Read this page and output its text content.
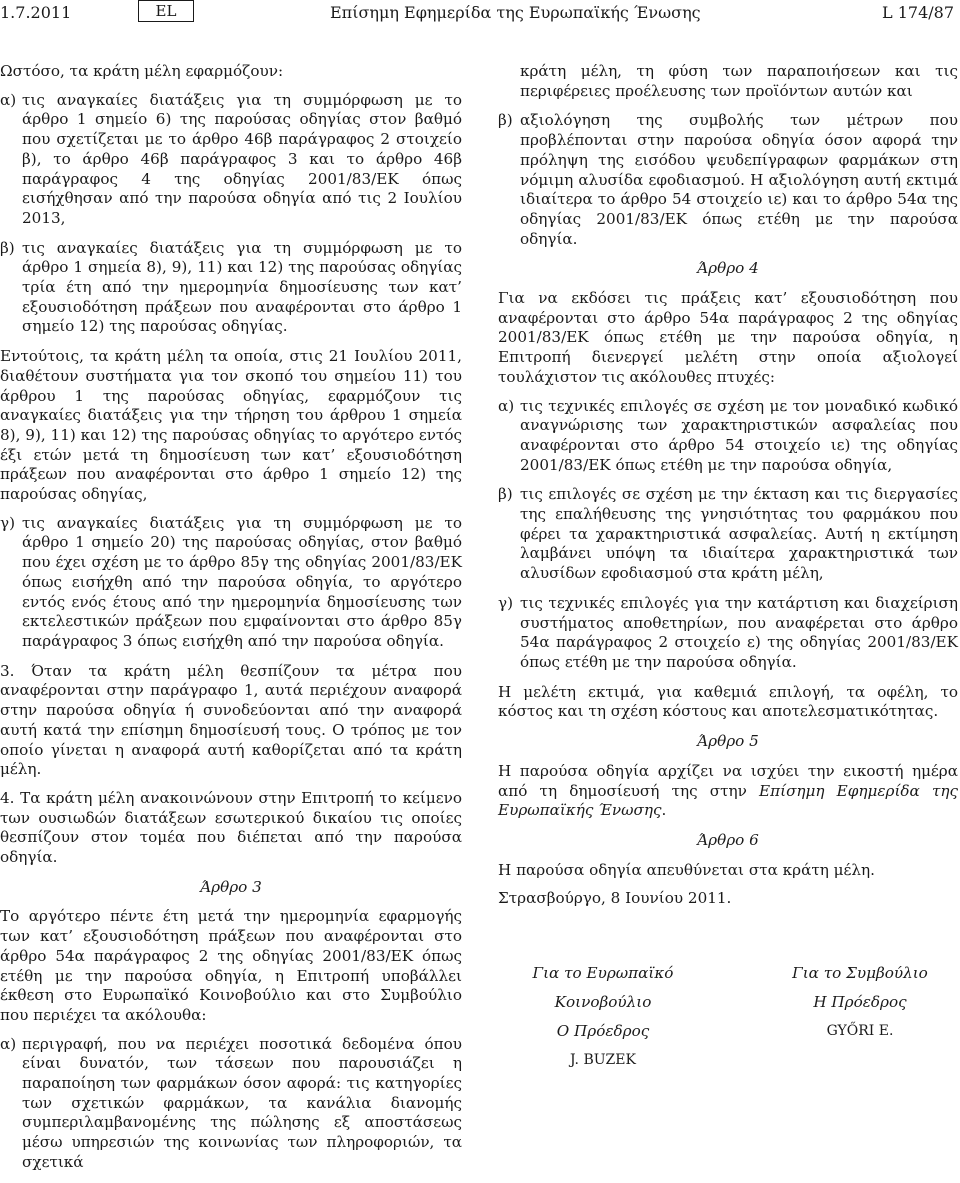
1.7.2011	EL	Επίσημη Εφημερίδα της Ευρωπαϊκής Ένωσης	L 174/87

Ωστόσο, τα κράτη μέλη εφαρμόζουν:

α) τις αναγκαίες διατάξεις για τη συμμόρφωση με το άρθρο 1 σημείο 6) της παρούσας οδηγίας στον βαθμό που σχετίζεται με το άρθρο 46β παράγραφος 2 στοιχείο β), το άρθρο 46β παράγραφος 3 και το άρθρο 46β παράγραφος 4 της οδηγίας 2001/83/ΕΚ όπως εισήχθησαν από την παρούσα οδηγία από τις 2 Ιουλίου 2013,
β) τις αναγκαίες διατάξεις για τη συμμόρφωση με το άρθρο 1 σημεία 8), 9), 11) και 12) της παρούσας οδηγίας τρία έτη από την ημερομηνία δημοσίευσης των κατ’ εξουσιοδότηση πράξεων που αναφέρονται στο άρθρο 1 σημείο 12) της παρούσας οδηγίας.

Εντούτοις, τα κράτη μέλη τα οποία, στις 21 Ιουλίου 2011, διαθέτουν συστήματα για τον σκοπό του σημείου 11) του άρθρου 1 της παρούσας οδηγίας, εφαρμόζουν τις αναγκαίες διατάξεις για την τήρηση του άρθρου 1 σημεία 8), 9), 11) και 12) της παρούσας οδηγίας το αργότερο εντός έξι ετών μετά τη δημοσίευση των κατ’ εξουσιοδότηση πράξεων που αναφέρονται στο άρθρο 1 σημείο 12) της παρούσας οδηγίας,

γ) τις αναγκαίες διατάξεις για τη συμμόρφωση με το άρθρο 1 σημείο 20) της παρούσας οδηγίας, στον βαθμό που έχει σχέση με το άρθρο 85γ της οδηγίας 2001/83/ΕΚ όπως εισήχθη από την παρούσα οδηγία, το αργότερο εντός ενός έτους από την ημερομηνία δημοσίευσης των εκτελεστικών πράξεων που εμφαίνονται στο άρθρο 85γ παράγραφος 3 όπως εισήχθη από την παρούσα οδηγία.

3. Όταν τα κράτη μέλη θεσπίζουν τα μέτρα που αναφέρονται στην παράγραφο 1, αυτά περιέχουν αναφορά στην παρούσα οδηγία ή συνοδεύονται από την αναφορά αυτή κατά την επίσημη δημοσίευσή τους. Ο τρόπος με τον οποίο γίνεται η αναφορά αυτή καθορίζεται από τα κράτη μέλη.

4. Τα κράτη μέλη ανακοινώνουν στην Επιτροπή το κείμενο των ουσιωδών διατάξεων εσωτερικού δικαίου τις οποίες θεσπίζουν στον τομέα που διέπεται από την παρούσα οδηγία.

Άρθρο 3

Το αργότερο πέντε έτη μετά την ημερομηνία εφαρμογής των κατ’ εξουσιοδότηση πράξεων που αναφέρονται στο άρθρο 54α παράγραφος 2 της οδηγίας 2001/83/ΕΚ όπως ετέθη με την παρούσα οδηγία, η Επιτροπή υποβάλλει έκθεση στο Ευρωπαϊκό Κοινοβούλιο και στο Συμβούλιο που περιέχει τα ακόλουθα:

α) περιγραφή, που να περιέχει ποσοτικά δεδομένα όπου είναι δυνατόν, των τάσεων που παρουσιάζει η παραποίηση των φαρμάκων όσον αφορά: τις κατηγορίες των σχετικών φαρμάκων, τα κανάλια διανομής συμπεριλαμβανομένης της πώλησης εξ αποστάσεως μέσω υπηρεσιών της κοινωνίας των πληροφοριών, τα σχετικά
κράτη μέλη, τη φύση των παραποιήσεων και τις περιφέρειες προέλευσης των προϊόντων αυτών και
β) αξιολόγηση της συμβολής των μέτρων που προβλέπονται στην παρούσα οδηγία όσον αφορά την πρόληψη της εισόδου ψευδεπίγραφων φαρμάκων στη νόμιμη αλυσίδα εφοδιασμού. Η αξιολόγηση αυτή εκτιμά ιδιαίτερα το άρθρο 54 στοιχείο ιε) και το άρθρο 54α της οδηγίας 2001/83/ΕΚ όπως ετέθη με την παρούσα οδηγία.
Άρθρο 4

Για να εκδόσει τις πράξεις κατ’ εξουσιοδότηση που αναφέρονται στο άρθρο 54α παράγραφος 2 της οδηγίας 2001/83/ΕΚ όπως ετέθη με την παρούσα οδηγία, η Επιτροπή διενεργεί μελέτη στην οποία αξιολογεί τουλάχιστον τις ακόλουθες πτυχές:

α) τις τεχνικές επιλογές σε σχέση με τον μοναδικό κωδικό αναγνώρισης των χαρακτηριστικών ασφαλείας που αναφέρονται στο άρθρο 54 στοιχείο ιε) της οδηγίας 2001/83/ΕΚ όπως ετέθη με την παρούσα οδηγία,
β) τις επιλογές σε σχέση με την έκταση και τις διεργασίες της επαλήθευσης της γνησιότητας του φαρμάκου που φέρει τα χαρακτηριστικά ασφαλείας. Αυτή η εκτίμηση λαμβάνει υπόψη τα ιδιαίτερα χαρακτηριστικά των αλυσίδων εφοδιασμού στα κράτη μέλη,
γ) τις τεχνικές επιλογές για την κατάρτιση και διαχείριση συστήματος αποθετηρίων, που αναφέρεται στο άρθρο 54α παράγραφος 2 στοιχείο ε) της οδηγίας 2001/83/ΕΚ όπως ετέθη με την παρούσα οδηγία.

Η μελέτη εκτιμά, για καθεμιά επιλογή, τα οφέλη, το κόστος και τη σχέση κόστους και αποτελεσματικότητας.

Άρθρο 5

Η παρούσα οδηγία αρχίζει να ισχύει την εικοστή ημέρα από τη δημοσίευσή της στην Επίσημη Εφημερίδα της Ευρωπαϊκής Ένωσης.

Άρθρο 6

Η παρούσα οδηγία απευθύνεται στα κράτη μέλη.

Στρασβούργο, 8 Ιουνίου 2011.

Για το Ευρωπαϊκό Κοινοβούλιο
Ο Πρόεδρος
J. BUZEK
Για το Συμβούλιο
Η Πρόεδρος
GYŐRI E.
